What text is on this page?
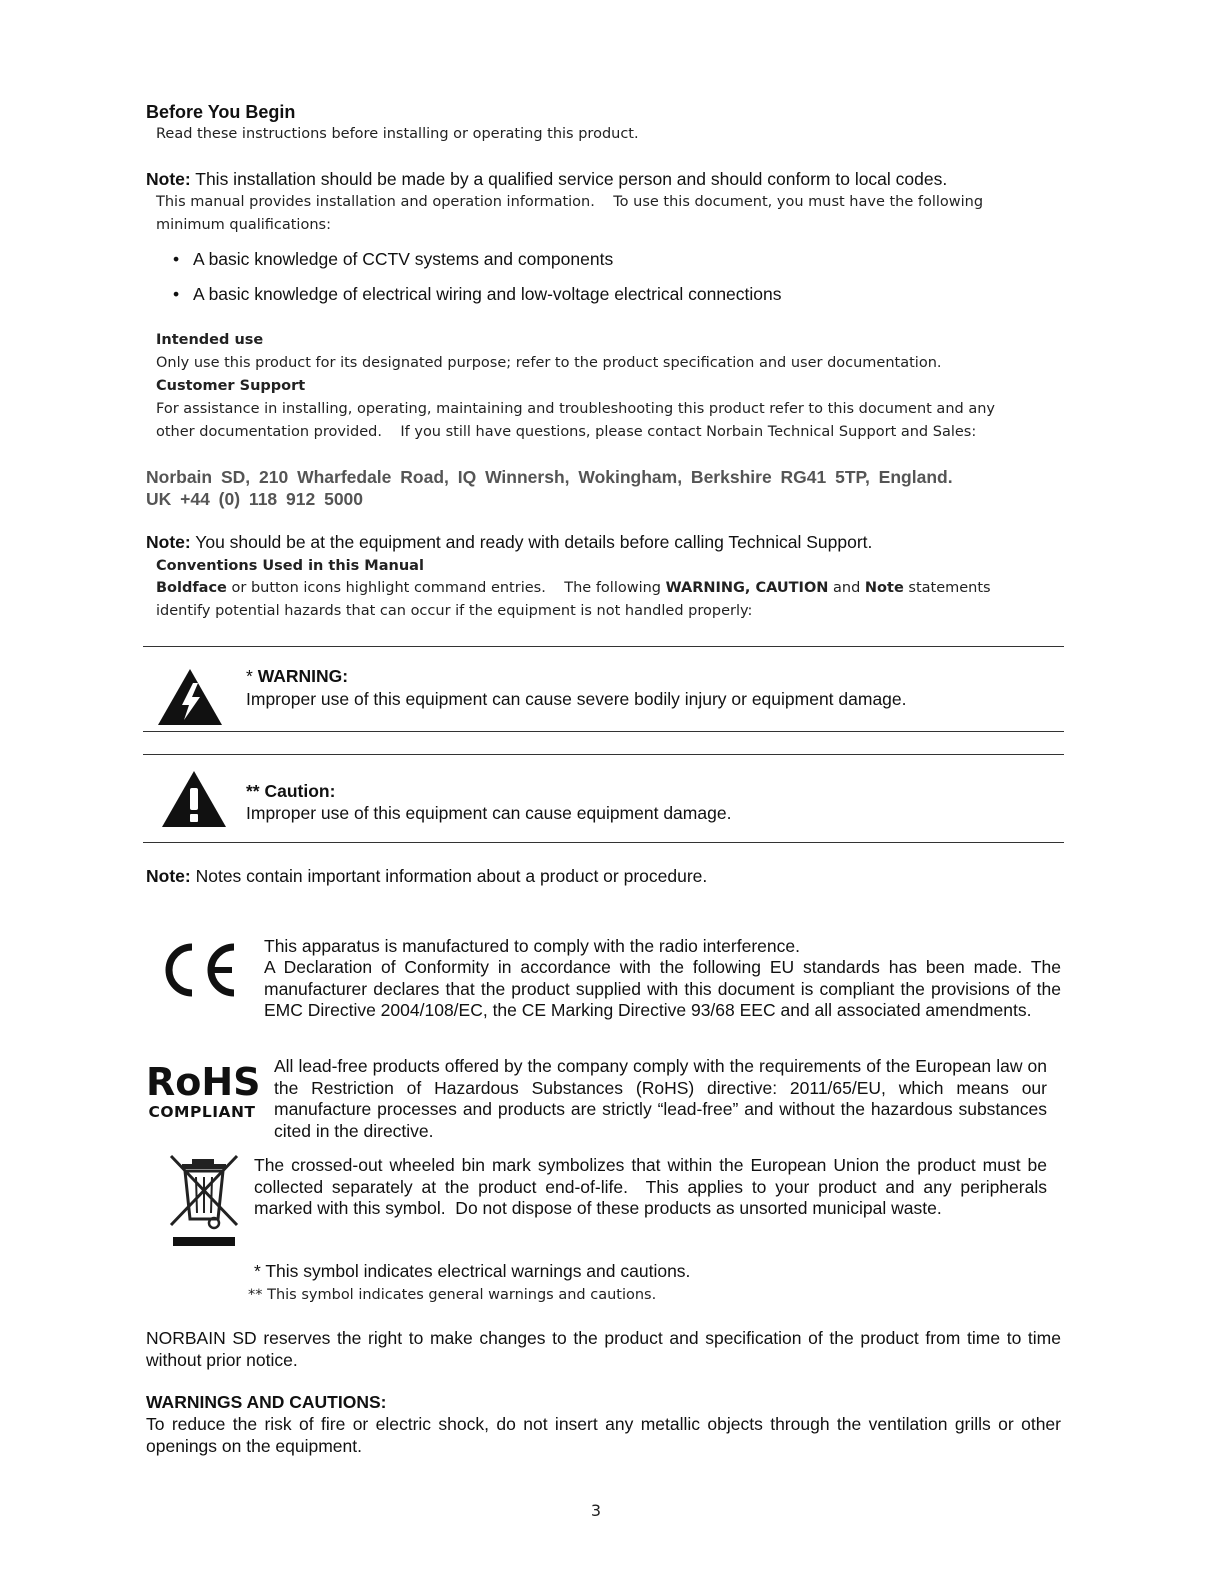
Before You Begin
Read these instructions before installing or operating this product.
Note: This installation should be made by a qualified service person and should conform to local codes.
This manual provides installation and operation information.    To use this document, you must have the following
minimum qualifications:
• A basic knowledge of CCTV systems and components
• A basic knowledge of electrical wiring and low-voltage electrical connections
Intended use
Only use this product for its designated purpose; refer to the product specification and user documentation.
Customer Support
For assistance in installing, operating, maintaining and troubleshooting this product refer to this document and any
other documentation provided.    If you still have questions, please contact Norbain Technical Support and Sales:
Norbain SD, 210 Wharfedale Road, IQ Winnersh, Wokingham, Berkshire RG41 5TP, England.
UK +44 (0) 118 912 5000
Note: You should be at the equipment and ready with details before calling Technical Support.
Conventions Used in this Manual
Boldface or button icons highlight command entries.    The following WARNING, CAUTION and Note statements
identify potential hazards that can occur if the equipment is not handled properly:
* WARNING:
Improper use of this equipment can cause severe bodily injury or equipment damage.
** Caution:
Improper use of this equipment can cause equipment damage.
Note: Notes contain important information about a product or procedure.
This apparatus is manufactured to comply with the radio interference.
A Declaration of Conformity in accordance with the following EU standards has been made. The manufacturer declares that the product supplied with this document is compliant the provisions of the EMC Directive 2004/108/EC, the CE Marking Directive 93/68 EEC and all associated amendments.
RoHS
COMPLIANT
All lead-free products offered by the company comply with the requirements of the European law on the Restriction of Hazardous Substances (RoHS) directive: 2011/65/EU, which means our manufacture processes and products are strictly “lead-free” and without the hazardous substances cited in the directive.
The crossed-out wheeled bin mark symbolizes that within the European Union the product must be collected separately at the product end-of-life.  This applies to your product and any peripherals marked with this symbol.  Do not dispose of these products as unsorted municipal waste.
* This symbol indicates electrical warnings and cautions.
** This symbol indicates general warnings and cautions.
NORBAIN SD reserves the right to make changes to the product and specification of the product from time to time without prior notice.
WARNINGS AND CAUTIONS:
To reduce the risk of fire or electric shock, do not insert any metallic objects through the ventilation grills or other openings on the equipment.
3
